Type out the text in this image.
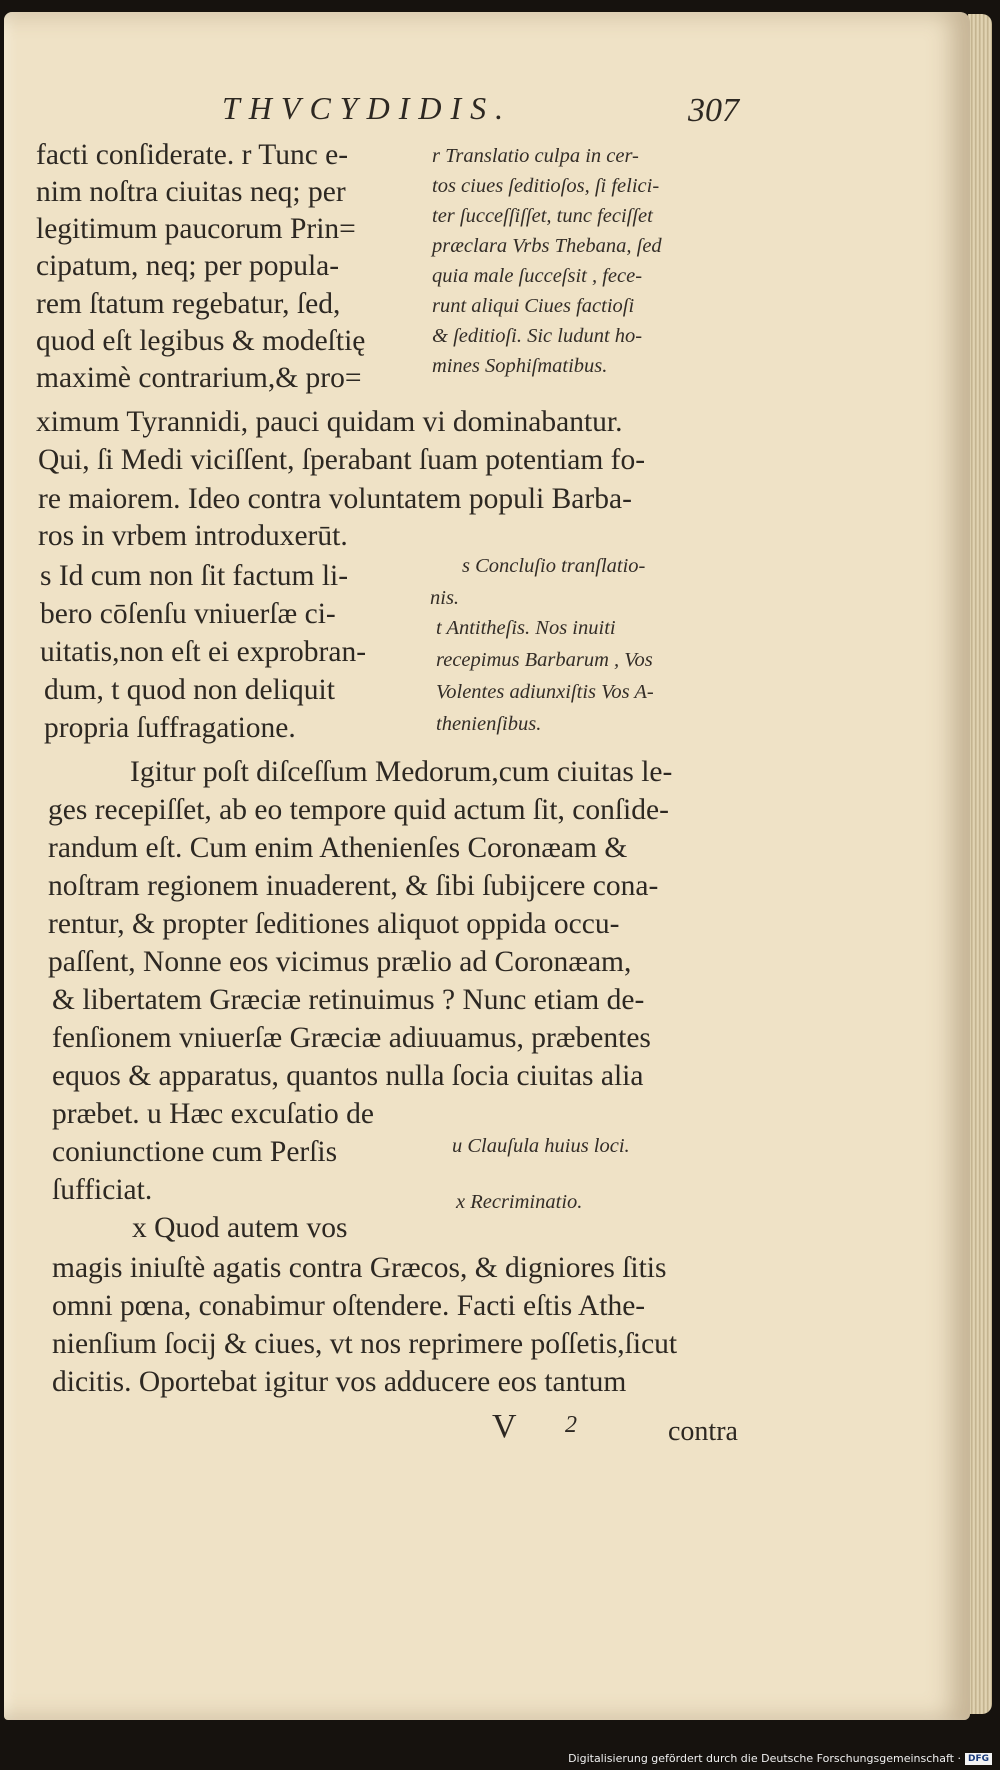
THVCYDIDIS.	307
facti conſiderate. r Tunc e-
nim noſtra ciuitas neq; per
legitimum paucorum Prin=
cipatum, neq; per popula-
rem ſtatum regebatur, ſed,
quod eſt legibus & modeſtię
maximè contrarium,& pro=
ximum Tyrannidi, pauci quidam vi dominabantur.
Qui, ſi Medi viciſſent, ſperabant ſuam potentiam fo-
re maiorem. Ideo contra voluntatem populi Barba-
ros in vrbem introduxerūt.
s Id cum non ſit factum li-
bero cōſenſu vniuerſæ ci-
uitatis,non eſt ei exprobran-
dum, t quod non deliquit
propria ſuffragatione.
Igitur poſt diſceſſum Medorum,cum ciuitas le-
ges recepiſſet, ab eo tempore quid actum ſit, conſide-
randum eſt. Cum enim Athenienſes Coronæam &
noſtram regionem inuaderent, & ſibi ſubijcere cona-
rentur, & propter ſeditiones aliquot oppida occu-
paſſent, Nonne eos vicimus prælio ad Coronæam,
& libertatem Græciæ retinuimus ? Nunc etiam de-
fenſionem vniuerſæ Græciæ adiuuamus, præbentes
equos & apparatus, quantos nulla ſocia ciuitas alia
præbet. u Hæc excuſatio de
coniunctione cum Perſis
ſufficiat.
x Quod autem vos
magis iniuſtè agatis contra Græcos, & digniores ſitis
omni pœna, conabimur oſtendere. Facti eſtis Athe-
nienſium ſocij & ciues, vt nos reprimere poſſetis,ſicut
dicitis. Oportebat igitur vos adducere eos tantum
r Translatio culpa in cer-
tos ciues ſeditioſos, ſi felici-
ter ſucceſſiſſet, tunc feciſſet
præclara Vrbs Thebana, ſed
quia male ſucceſsit , fece-
runt aliqui Ciues factioſi
& ſeditioſi. Sic ludunt ho-
mines Sophiſmatibus.
s Concluſio tranſlatio-
nis.
t Antitheſis. Nos inuiti
recepimus Barbarum , Vos
Volentes adiunxiſtis Vos A-
thenienſibus.
u Clauſula huius loci.
x Recriminatio.
V 2	contra
Digitalisierung gefördert durch die Deutsche Forschungsgemeinschaft · DFG
